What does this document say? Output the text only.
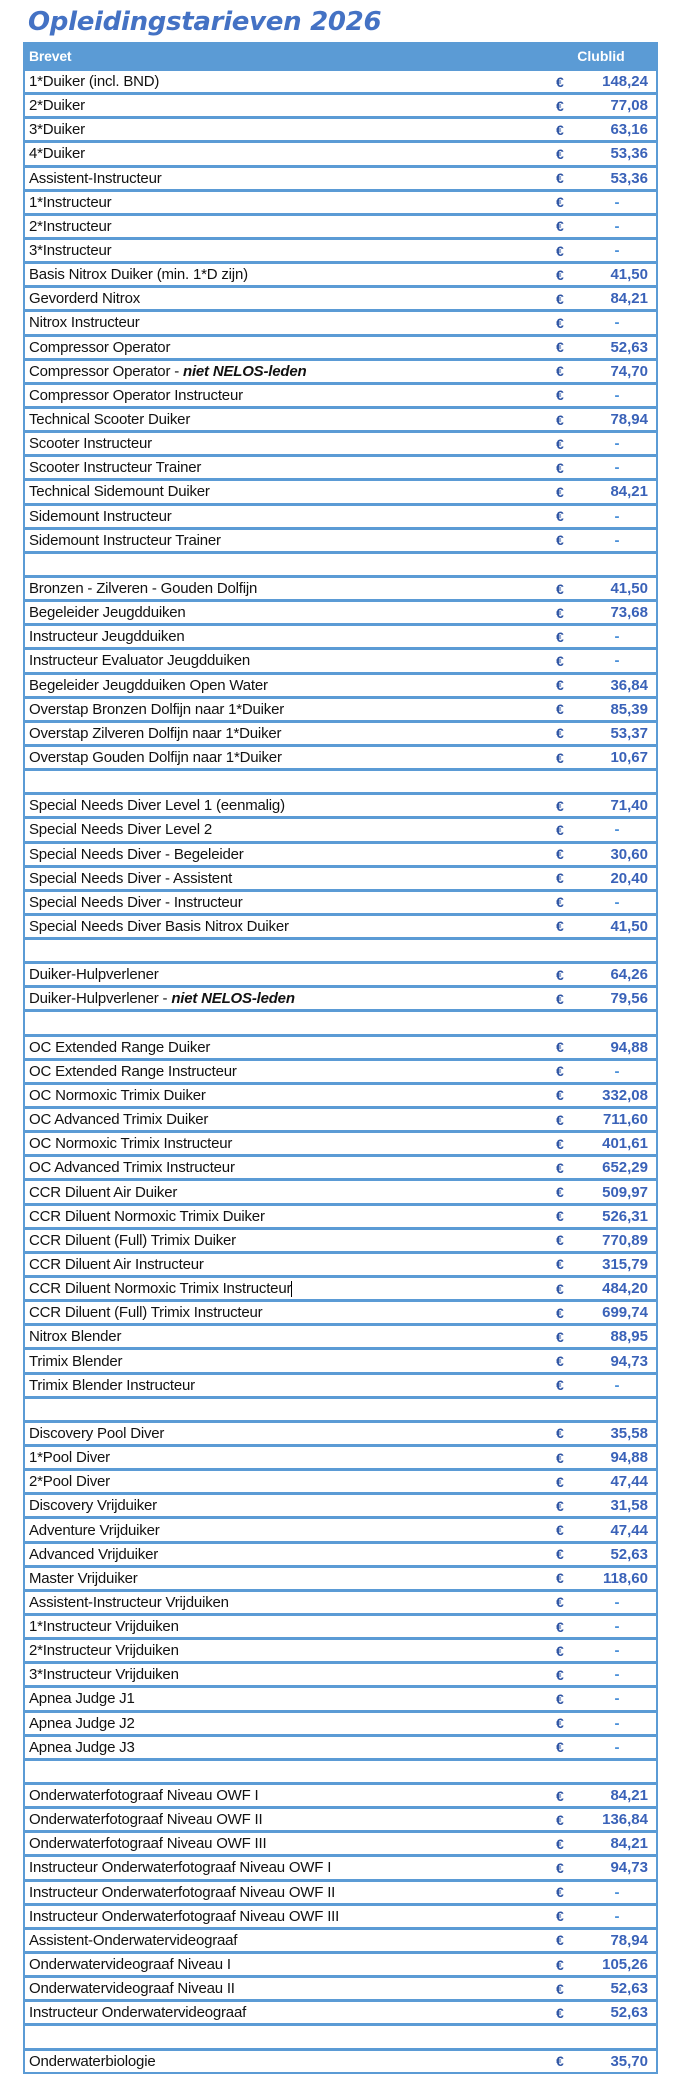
Opleidingstarieven 2026
Brevet	Clublid
1*Duiker (incl. BND)	€	148,24
2*Duiker	€	77,08
3*Duiker	€	63,16
4*Duiker	€	53,36
Assistent-Instructeur	€	53,36
1*Instructeur	€	-
2*Instructeur	€	-
3*Instructeur	€	-
Basis Nitrox Duiker (min. 1*D zijn)	€	41,50
Gevorderd Nitrox	€	84,21
Nitrox Instructeur	€	-
Compressor Operator	€	52,63
Compressor Operator - niet NELOS-leden	€	74,70
Compressor Operator Instructeur	€	-
Technical Scooter Duiker	€	78,94
Scooter Instructeur	€	-
Scooter Instructeur Trainer	€	-
Technical Sidemount Duiker	€	84,21
Sidemount Instructeur	€	-
Sidemount Instructeur Trainer	€	-
Bronzen - Zilveren - Gouden Dolfijn	€	41,50
Begeleider Jeugdduiken	€	73,68
Instructeur Jeugdduiken	€	-
Instructeur Evaluator Jeugdduiken	€	-
Begeleider Jeugdduiken Open Water	€	36,84
Overstap Bronzen Dolfijn naar 1*Duiker	€	85,39
Overstap Zilveren Dolfijn naar 1*Duiker	€	53,37
Overstap Gouden Dolfijn naar 1*Duiker	€	10,67
Special Needs Diver Level 1 (eenmalig)	€	71,40
Special Needs Diver Level 2	€	-
Special Needs Diver - Begeleider	€	30,60
Special Needs Diver - Assistent	€	20,40
Special Needs Diver - Instructeur	€	-
Special Needs Diver Basis Nitrox Duiker	€	41,50
Duiker-Hulpverlener	€	64,26
Duiker-Hulpverlener - niet NELOS-leden	€	79,56
OC Extended Range Duiker	€	94,88
OC Extended Range Instructeur	€	-
OC Normoxic Trimix Duiker	€	332,08
OC Advanced Trimix Duiker	€	711,60
OC Normoxic Trimix Instructeur	€	401,61
OC Advanced Trimix Instructeur	€	652,29
CCR Diluent Air Duiker	€	509,97
CCR Diluent Normoxic Trimix Duiker	€	526,31
CCR Diluent (Full) Trimix Duiker	€	770,89
CCR Diluent Air Instructeur	€	315,79
CCR Diluent Normoxic Trimix Instructeur	€	484,20
CCR Diluent (Full) Trimix Instructeur	€	699,74
Nitrox Blender	€	88,95
Trimix Blender	€	94,73
Trimix Blender Instructeur	€	-
Discovery Pool Diver	€	35,58
1*Pool Diver	€	94,88
2*Pool Diver	€	47,44
Discovery Vrijduiker	€	31,58
Adventure Vrijduiker	€	47,44
Advanced Vrijduiker	€	52,63
Master Vrijduiker	€	118,60
Assistent-Instructeur Vrijduiken	€	-
1*Instructeur Vrijduiken	€	-
2*Instructeur Vrijduiken	€	-
3*Instructeur Vrijduiken	€	-
Apnea Judge J1	€	-
Apnea Judge J2	€	-
Apnea Judge J3	€	-
Onderwaterfotograaf Niveau OWF I	€	84,21
Onderwaterfotograaf Niveau OWF II	€	136,84
Onderwaterfotograaf Niveau OWF III	€	84,21
Instructeur Onderwaterfotograaf Niveau OWF I	€	94,73
Instructeur Onderwaterfotograaf Niveau OWF II	€	-
Instructeur Onderwaterfotograaf Niveau OWF III	€	-
Assistent-Onderwatervideograaf	€	78,94
Onderwatervideograaf Niveau I	€	105,26
Onderwatervideograaf Niveau II	€	52,63
Instructeur Onderwatervideograaf	€	52,63
Onderwaterbiologie	€	35,70
